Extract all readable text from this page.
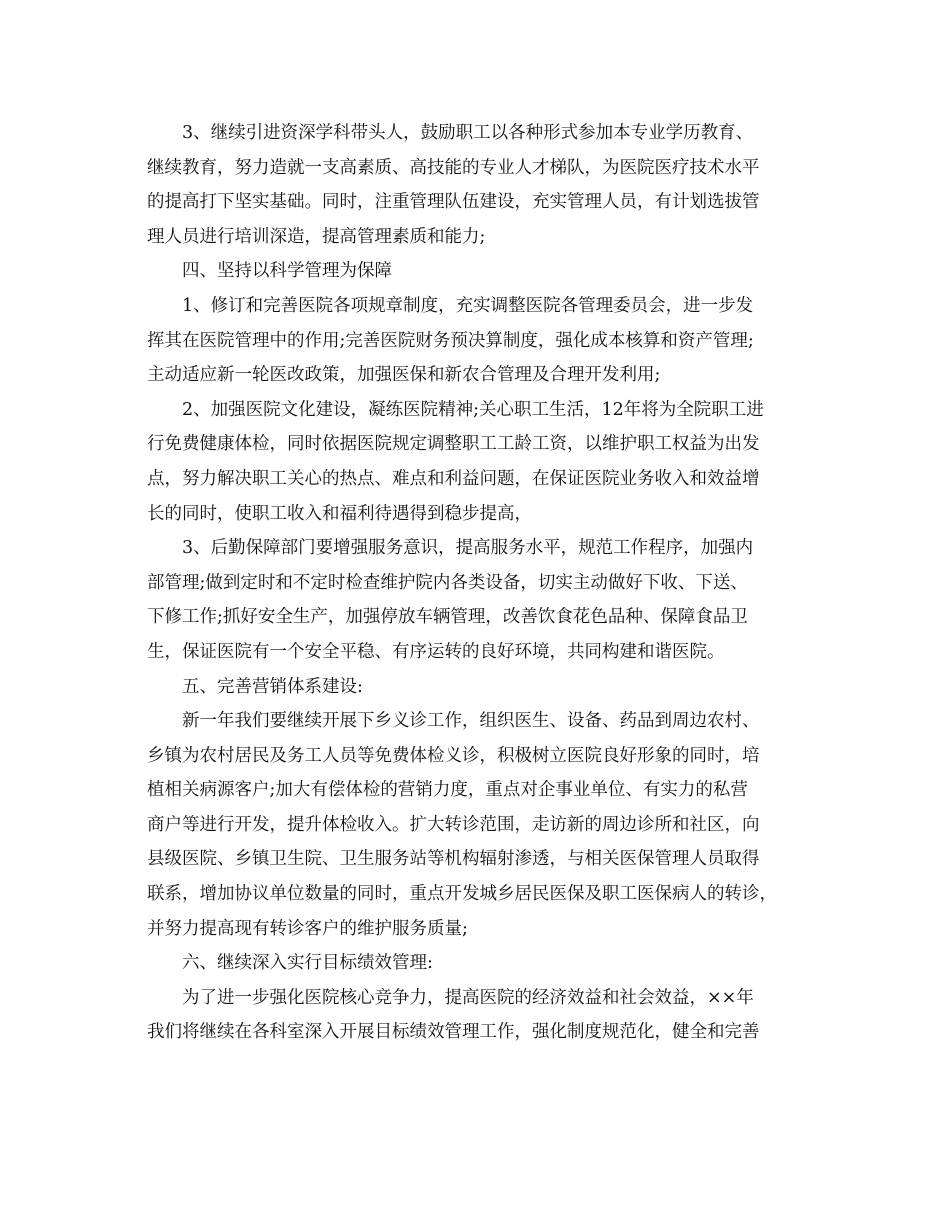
3、继续引进资深学科带头人，鼓励职工以各种形式参加本专业学历教育、
继续教育，努力造就一支高素质、高技能的专业人才梯队，为医院医疗技术水平
的提高打下坚实基础。同时，注重管理队伍建设，充实管理人员，有计划选拔管
理人员进行培训深造，提高管理素质和能力;
四、坚持以科学管理为保障
1、修订和完善医院各项规章制度，充实调整医院各管理委员会，进一步发
挥其在医院管理中的作用;完善医院财务预决算制度，强化成本核算和资产管理;
主动适应新一轮医改政策，加强医保和新农合管理及合理开发利用;
2、加强医院文化建设，凝练医院精神;关心职工生活，12年将为全院职工进
行免费健康体检，同时依据医院规定调整职工工龄工资，以维护职工权益为出发
点，努力解决职工关心的热点、难点和利益问题，在保证医院业务收入和效益增
长的同时，使职工收入和福利待遇得到稳步提高，
3、后勤保障部门要增强服务意识，提高服务水平，规范工作程序，加强内
部管理;做到定时和不定时检查维护院内各类设备，切实主动做好下收、下送、
下修工作;抓好安全生产，加强停放车辆管理，改善饮食花色品种、保障食品卫
生，保证医院有一个安全平稳、有序运转的良好环境，共同构建和谐医院。
五、完善营销体系建设:
新一年我们要继续开展下乡义诊工作，组织医生、设备、药品到周边农村、
乡镇为农村居民及务工人员等免费体检义诊，积极树立医院良好形象的同时，培
植相关病源客户;加大有偿体检的营销力度，重点对企事业单位、有实力的私营
商户等进行开发，提升体检收入。扩大转诊范围，走访新的周边诊所和社区，向
县级医院、乡镇卫生院、卫生服务站等机构辐射渗透，与相关医保管理人员取得
联系，增加协议单位数量的同时，重点开发城乡居民医保及职工医保病人的转诊，
并努力提高现有转诊客户的维护服务质量;
六、继续深入实行目标绩效管理:
为了进一步强化医院核心竞争力，提高医院的经济效益和社会效益，××年
我们将继续在各科室深入开展目标绩效管理工作，强化制度规范化，健全和完善
